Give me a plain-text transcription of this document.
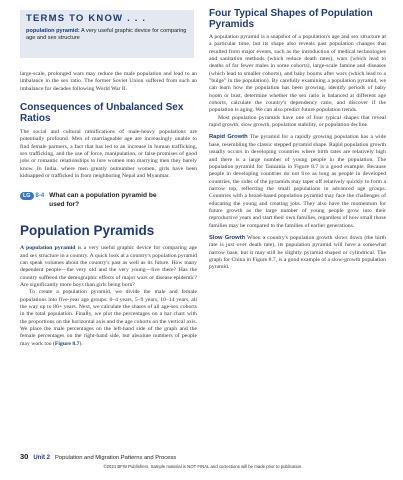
TERMS TO KNOW . . .
population pyramid: A very useful graphic device for comparing age and sex structure

large-scale, prolonged wars may reduce the male population and lead to an imbalance in the sex ratio. The former Soviet Union suffered from such an imbalance for decades following World War II.

Consequences of Unbalanced Sex Ratios

The social and cultural ramifications of male-heavy populations are potentially profound. Men of marriageable age are increasingly unable to find female partners, a fact that has led to an increase in human trafficking, sex trafficking, and the use of force, manipulation, or false promises of good jobs or romantic relationships to lure women into marrying men they barely know. In India, where men greatly outnumber women, girls have been kidnapped or trafficked in from neighboring Nepal and Myanmar.

LG 8-4 What can a population pyramid be used for?
Population Pyramids

A population pyramid is a very useful graphic device for comparing age and sex structure in a country. A quick look at a country's population pyramid can speak volumes about the country's past as well as its future. How many dependent people—the very old and the very young—live there? Has the country suffered the demographic effects of major wars or disease epidemic? Are significantly more boys than girls being born?

To create a population pyramid, we divide the male and female populations into five-year age groups: 0–4 years, 5–9 years, 10–14 years, all the way up to 80+ years. Next, we calculate the shares of all age-sex cohorts in the total population. Finally, we plot the percentages on a bar chart with the proportions on the horizontal axis and the age cohorts on the vertical axis. We place the male percentages on the left-hand side of the graph and the female percentages on the right-hand side, but absolute numbers of people may work too (Figure 8.7).

Four Typical Shapes of Population Pyramids

A population pyramid is a snapshot of a population's age and sex structure at a particular time, but its shape also reveals past population changes that resulted from major events, such as the introduction of medical technologies and sanitation methods (which reduce death rates), wars (which lead to deaths of far fewer males in some cohorts), large-scale famine and diseases (which lead to smaller cohorts), and baby booms after wars (which lead to a "bulge" in the population). By carefully examining a population pyramid, we can learn how the population has been growing, identify periods of baby boom or bust, determine whether the sex ratio is balanced at different age cohorts, calculate the country's dependency ratio, and discover if the population is aging. We can also predict future population trends.

Most population pyramids have one of four typical shapes that reveal rapid growth, slow growth, population stability, or population decline.

Rapid Growth The pyramid for a rapidly growing population has a wide base, resembling the classic stepped pyramid shape. Rapid population growth usually occurs in developing countries where birth rates are relatively high and there is a large number of young people in the population. The population pyramid for Tanzania in Figure 8.7 is a good example. Because people in developing countries do not live as long as people in developed countries, the sides of the pyramids may taper off relatively quickly to form a narrow top, reflecting the small populations in advanced age groups. Countries with a broad-based population pyramid may face the challenges of educating the young and creating jobs. They also have the momentum for future growth as the large number of young people grow into their reproductive years and start their own families, regardless of how small those families may be compared to the families of earlier generations.

Slow Growth When a country's population growth slows down (the birth rate is just over death rate), its population pyramid will have a somewhat narrow base, but it may still be slightly pyramid shaped or cylindrical. The graph for China in Figure 8.7, is a good example of a slow-growth population pyramid.

30 Unit 2 Population and Migration Patterns and Process
©2021 BFW Publishers. Sample material is NOT FINAL and corrections will be made prior to publication.
